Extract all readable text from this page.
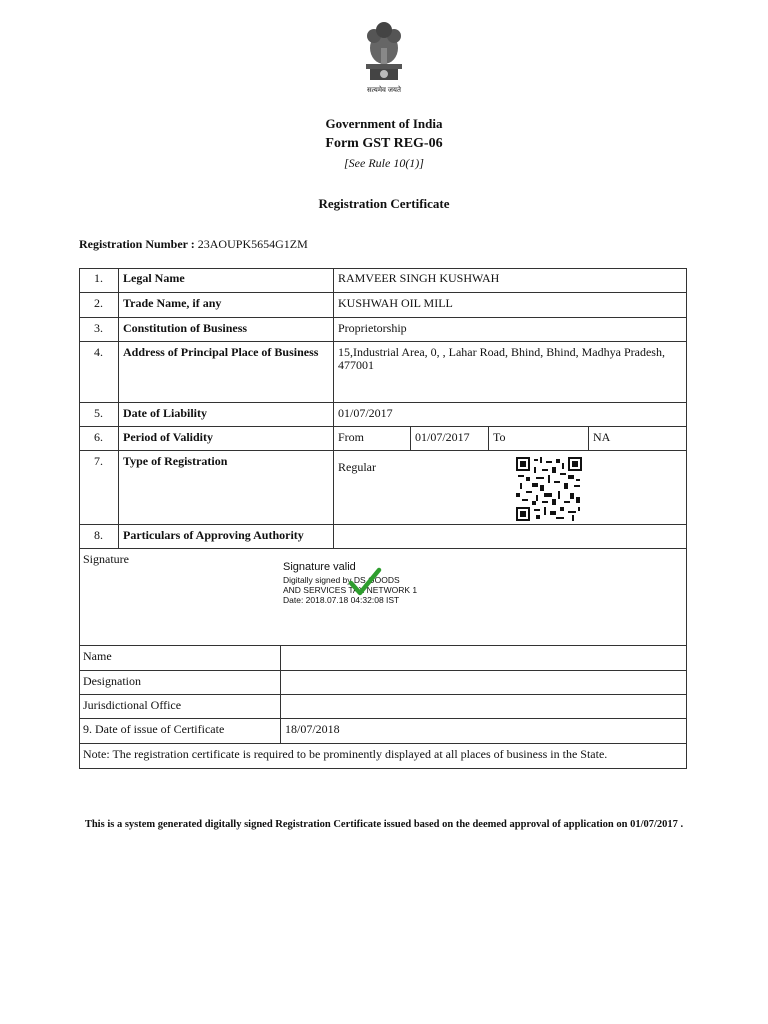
सत्यमेव जयते
Government of India
Form GST REG-06
[See Rule 10(1)]
Registration Certificate
Registration Number : 23AOUPK5654G1ZM
1.	Legal Name	RAMVEER SINGH KUSHWAH
2.	Trade Name, if any	KUSHWAH OIL MILL
3.	Constitution of Business	Proprietorship
4.	Address of Principal Place of Business	15,Industrial Area, 0, , Lahar Road, Bhind, Bhind, Madhya Pradesh, 477001
5.	Date of Liability	01/07/2017
6.	Period of Validity	From	01/07/2017	To	NA
7.	Type of Registration	Regular
8.	Particulars of Approving Authority
Signature
Signature valid
Digitally signed by DS GOODS
AND SERVICES TAX NETWORK 1
Date: 2018.07.18 04:32:08 IST
Name
Designation
Jurisdictional Office
9. Date of issue of Certificate	18/07/2018
Note: The registration certificate is required to be prominently displayed at all places of business in the State.
This is a system generated digitally signed Registration Certificate issued based on the deemed approval of application on 01/07/2017 .
